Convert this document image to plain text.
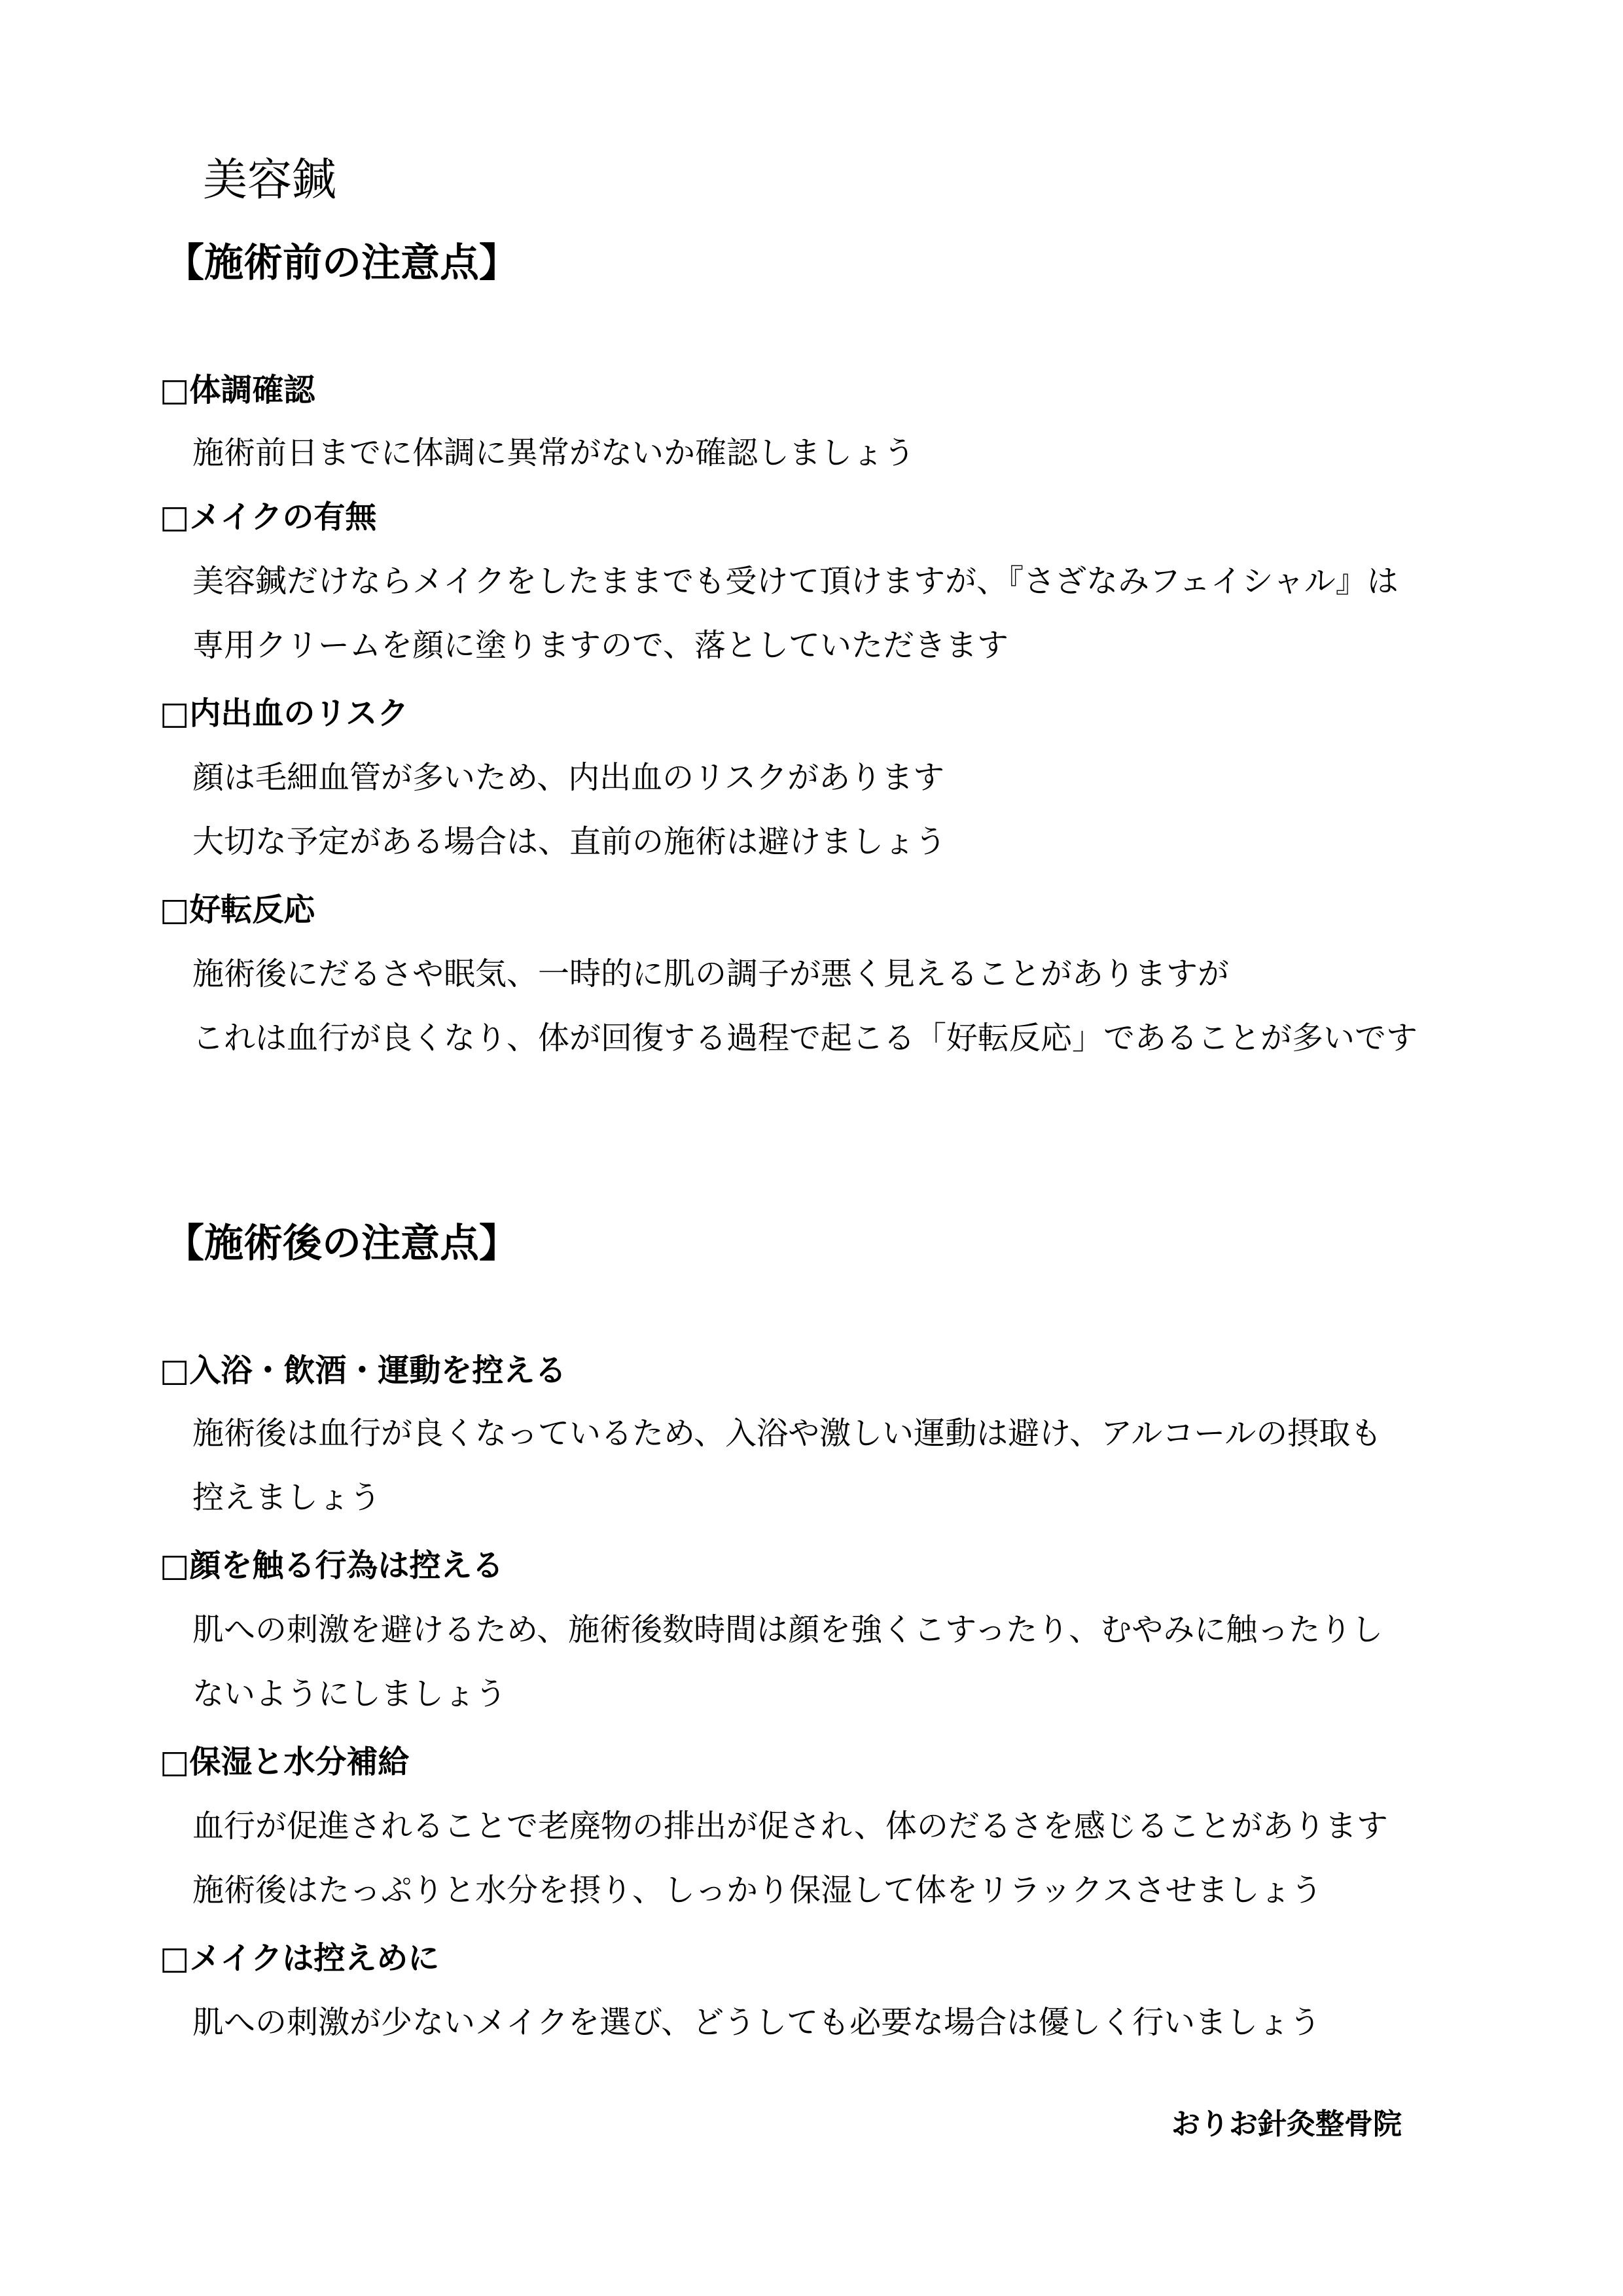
美容鍼
【施術前の注意点】
□体調確認
施術前日までに体調に異常がないか確認しましょう
□メイクの有無
美容鍼だけならメイクをしたままでも受けて頂けますが、『さざなみフェイシャル』は
専用クリームを顔に塗りますので、落としていただきます
□内出血のリスク
顔は毛細血管が多いため、内出血のリスクがあります
大切な予定がある場合は、直前の施術は避けましょう
□好転反応
施術後にだるさや眠気、一時的に肌の調子が悪く見えることがありますが
これは血行が良くなり、体が回復する過程で起こる「好転反応」であることが多いです
【施術後の注意点】
□入浴・飲酒・運動を控える
施術後は血行が良くなっているため、入浴や激しい運動は避け、アルコールの摂取も
控えましょう
□顔を触る行為は控える
肌への刺激を避けるため、施術後数時間は顔を強くこすったり、むやみに触ったりし
ないようにしましょう
□保湿と水分補給
血行が促進されることで老廃物の排出が促され、体のだるさを感じることがあります
施術後はたっぷりと水分を摂り、しっかり保湿して体をリラックスさせましょう
□メイクは控えめに
肌への刺激が少ないメイクを選び、どうしても必要な場合は優しく行いましょう
おりお針灸整骨院
